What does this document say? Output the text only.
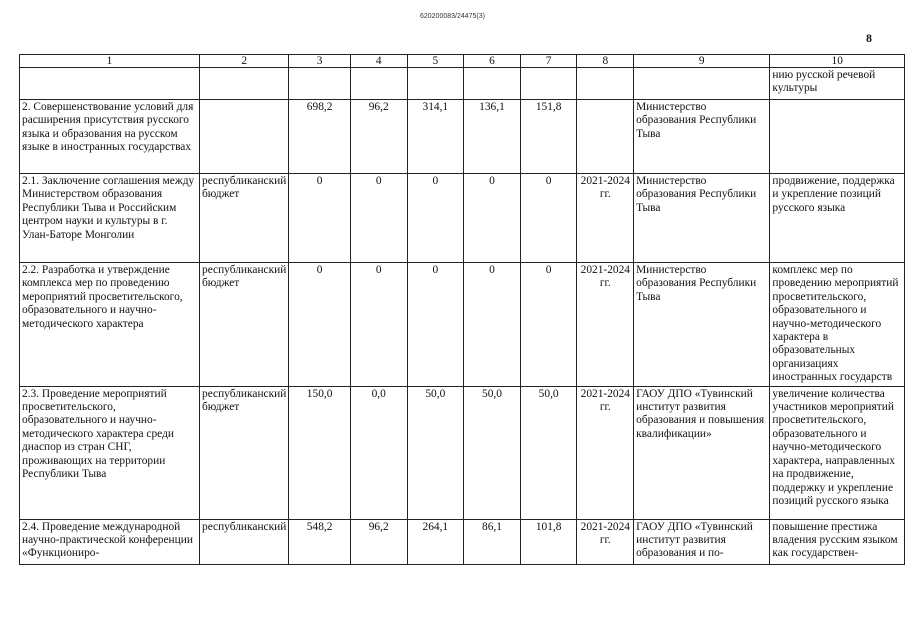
620200083/24475(3)
8
1	2	3	4	5	6	7	8	9	10
									нию русской речевой культуры
2. Совершенствование условий для расширения присутствия русского языка и образования на русском языке в иностранных государствах		698,2	96,2	314,1	136,1	151,8		Министерство образования Республики Тыва	
2.1. Заключение соглашения между Министерством образования Республики Тыва и Российским центром науки и культуры в г. Улан-Баторе Монголии	республиканский бюджет	0	0	0	0	0	2021-2024 гг.	Министерство образования Республики Тыва	продвижение, поддержка и укрепление позиций русского языка
2.2. Разработка и утверждение комплекса мер по проведению мероприятий просветительского, образовательного и научно-методического характера	республиканский бюджет	0	0	0	0	0	2021-2024 гг.	Министерство образования Республики Тыва	комплекс мер по проведению мероприятий просветительского, образовательного и научно-методического характера в образовательных организациях иностранных государств
2.3. Проведение мероприятий просветительского, образовательного и научно-методического характера среди диаспор из стран СНГ, проживающих на территории Республики Тыва	республиканский бюджет	150,0	0,0	50,0	50,0	50,0	2021-2024 гг.	ГАОУ ДПО «Тувинский институт развития образования и повышения квалификации»	увеличение количества участников мероприятий просветительского, образовательного и научно-методического характера, направленных на продвижение, поддержку и укрепление позиций русского языка
2.4. Проведение международной научно-практической конференции «Функциониро-	республиканский	548,2	96,2	264,1	86,1	101,8	2021-2024 гг.	ГАОУ ДПО «Тувинский институт развития образования и по-	повышение престижа владения русским языком как государствен-
